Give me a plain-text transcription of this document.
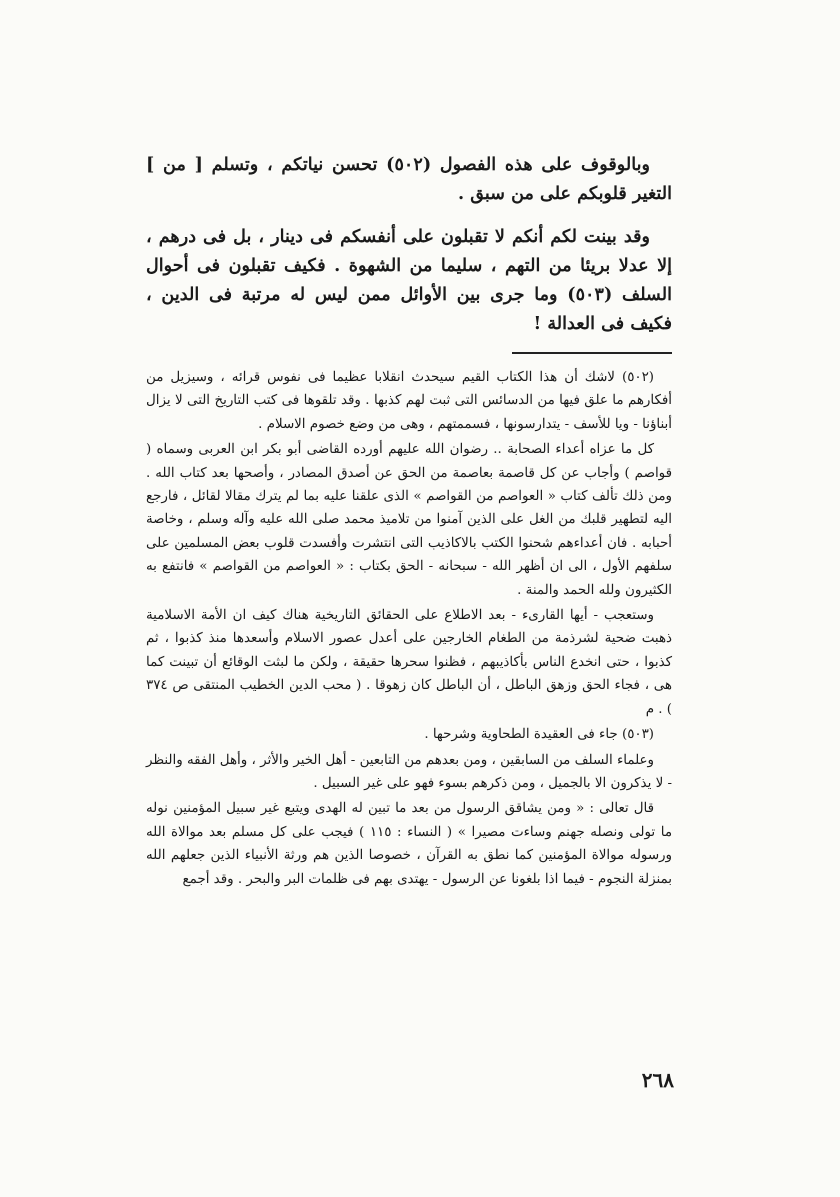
وبالوقوف على هذه الفصول (٥٠٢) تحسن نياتكم ، وتسلم [ من ] التغير قلوبكم على من سبق .

وقد بينت لكم أنكم لا تقبلون على أنفسكم فى دينار ، بل فى درهم ، إلا عدلا بريئا من التهم ، سليما من الشهوة . فكيف تقبلون فى أحوال السلف (٥٠٣) وما جرى بين الأوائل ممن ليس له مرتبة فى الدين ، فكيف فى العدالة !

(٥٠٢) لاشك أن هذا الكتاب القيم سيحدث انقلابا عظيما فى نفوس قرائه ، وسيزيل من أفكارهم ما علق فيها من الدسائس التى ثبت لهم كذبها . وقد تلقوها فى كتب التاريخ التى لا يزال أبناؤنا - ويا للأسف - يتدارسونها ، فسممتهم ، وهى من وضع خصوم الاسلام .

كل ما عزاه أعداء الصحابة .. رضوان الله عليهم أورده القاضى أبو بكر ابن العربى وسماه ( قواصم ) وأجاب عن كل قاصمة بعاصمة من الحق عن أصدق المصادر ، وأصحها بعد كتاب الله . ومن ذلك تألف كتاب « العواصم من القواصم » الذى علقنا عليه بما لم يترك مقالا لقائل ، فارجع اليه لتطهير قلبك من الغل على الذين آمنوا من تلاميذ محمد صلى الله عليه وآله وسلم ، وخاصة أحبابه . فان أعداءهم شحنوا الكتب بالاكاذيب التى انتشرت وأفسدت قلوب بعض المسلمين على سلفهم الأول ، الى ان أظهر الله - سبحانه - الحق بكتاب : « العواصم من القواصم » فانتفع به الكثيرون ولله الحمد والمنة .

وستعجب - أيها القارىء - بعد الاطلاع على الحقائق التاريخية هناك كيف ان الأمة الاسلامية ذهبت ضحية لشرذمة من الطغام الخارجين على أعدل عصور الاسلام وأسعدها منذ كذبوا ، ثم كذبوا ، حتى انخدع الناس بأكاذيبهم ، فظنوا سحرها حقيقة ، ولكن ما لبثت الوقائع أن تبينت كما هى ، فجاء الحق وزهق الباطل ، أن الباطل كان زهوقا . ( محب الدين الخطيب المنتقى ص ٣٧٤ ) . م

(٥٠٣) جاء فى العقيدة الطحاوية وشرحها .

وعلماء السلف من السابقين ، ومن بعدهم من التابعين - أهل الخير والأثر ، وأهل الفقه والنظر - لا يذكرون الا بالجميل ، ومن ذكرهم بسوء فهو على غير السبيل .

قال تعالى : « ومن يشاقق الرسول من بعد ما تبين له الهدى ويتبع غير سبيل المؤمنين نوله ما تولى ونصله جهنم وساءت مصيرا » ( النساء : ١١٥ ) فيجب على كل مسلم بعد موالاة الله ورسوله موالاة المؤمنين كما نطق به القرآن ، خصوصا الذين هم ورثة الأنبياء الذين جعلهم الله بمنزلة النجوم - فيما اذا بلغونا عن الرسول - يهتدى بهم فى ظلمات البر والبحر . وقد أجمع

٢٦٨
